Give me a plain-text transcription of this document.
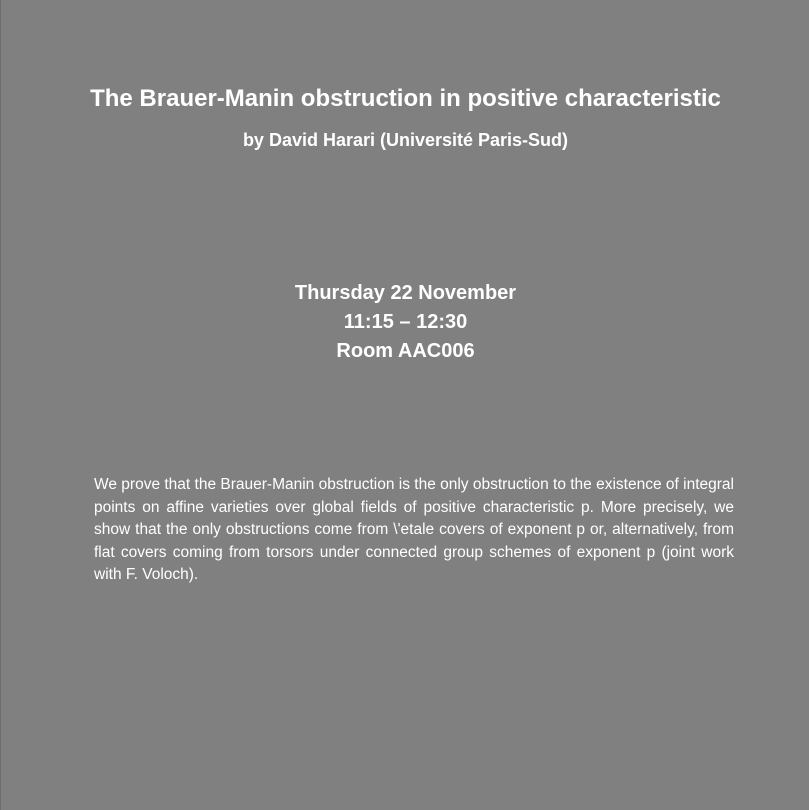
The Brauer-Manin obstruction in positive characteristic

by David Harari (Université Paris-Sud)

Thursday 22 November
11:15 – 12:30
Room AAC006

We prove that the Brauer-Manin obstruction is the only obstruction to the existence of integral points on affine varieties over global fields of positive characteristic p. More precisely, we show that the only obstructions come from \'etale covers of exponent p or, alternatively, from flat covers coming from torsors under connected group schemes of exponent p (joint work with F. Voloch).
